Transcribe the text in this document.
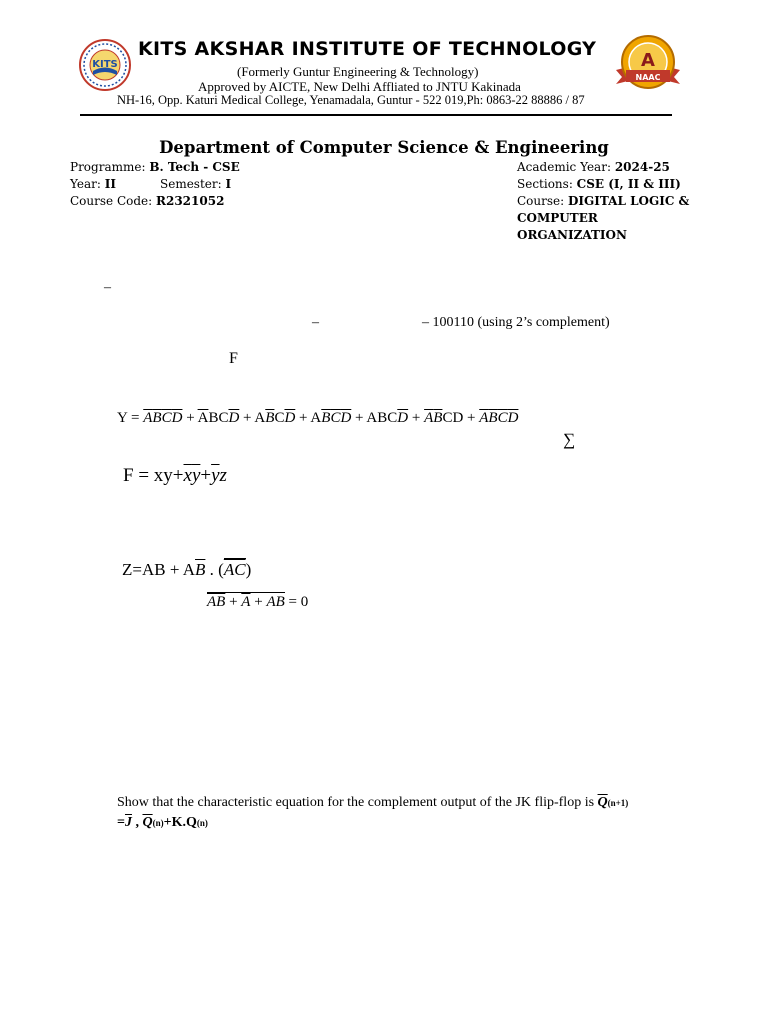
KITS	A
NAAC
KITS AKSHAR INSTITUTE OF TECHNOLOGY
(Formerly Guntur Engineering & Technology)
Approved by AICTE, New Delhi Affliated to JNTU Kakinada
NH-16, Opp. Katuri Medical College, Yenamadala, Guntur - 522 019,Ph: 0863-22 88886 / 87
Department of Computer Science & Engineering
Programme: B. Tech - CSE
Year: II	Semester: I
Course Code: R2321052
Academic Year: 2024-25
Sections: CSE (I, II & III)
Course: DIGITAL LOGIC &
COMPUTER
ORGANIZATION
–
–	– 100110 (using 2’s complement)
F
$Y = \overline{A}\overline{B}\overline{C}\overline{D} + \overline{A}BC\overline{D} + A\overline{B}C\overline{D} + A\overline{B}\overline{C}\overline{D} + ABC\overline{D} + \overline{A}\overline{B}CD + \overline{A}\overline{B}\overline{C}\overline{D}$
∑
$F = xy+\overline{x}\overline{y}+\overline{y}z$
$Z=AB + A\overline{B}$ . $(\overline{AC})$
$\overline{AB} + \overline{A}$ + AB = 0
Show that the characteristic equation for the complement output of the JK flip-flop is $\overline{Q}(n+1)$
$=\overline{J}$ , $\overline{Q}(n)+K.Q(n)$
